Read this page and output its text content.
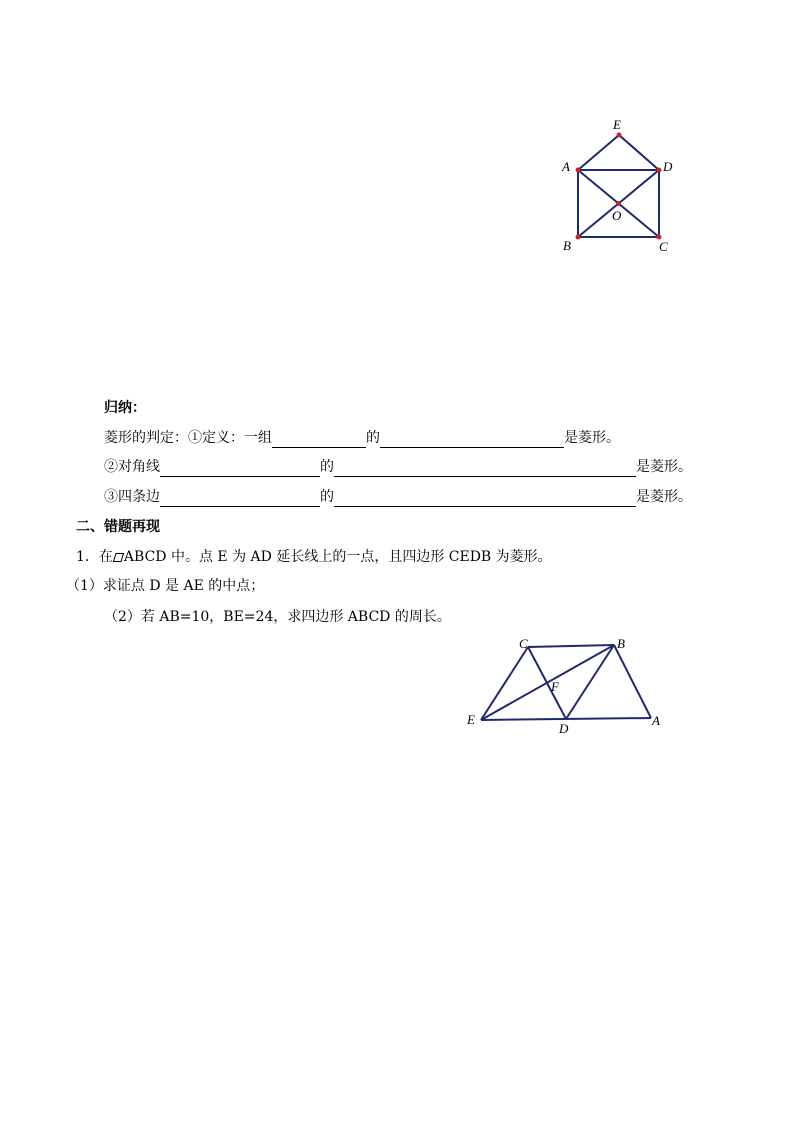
E
A	D
O
B	C
归纳：
菱形的判定：①定义：一组	的	是菱形。
②对角线	的	是菱形。
③四条边	的	是菱形。
二、错题再现
1．在 ABCD 中。点 E 为 AD 延长线上的一点，且四边形 CEDB 为菱形。
（1）求证点 D 是 AE 的中点；
（2）若 AB=10，BE=24，求四边形 ABCD 的周长。
C	B
F
E
D
A
